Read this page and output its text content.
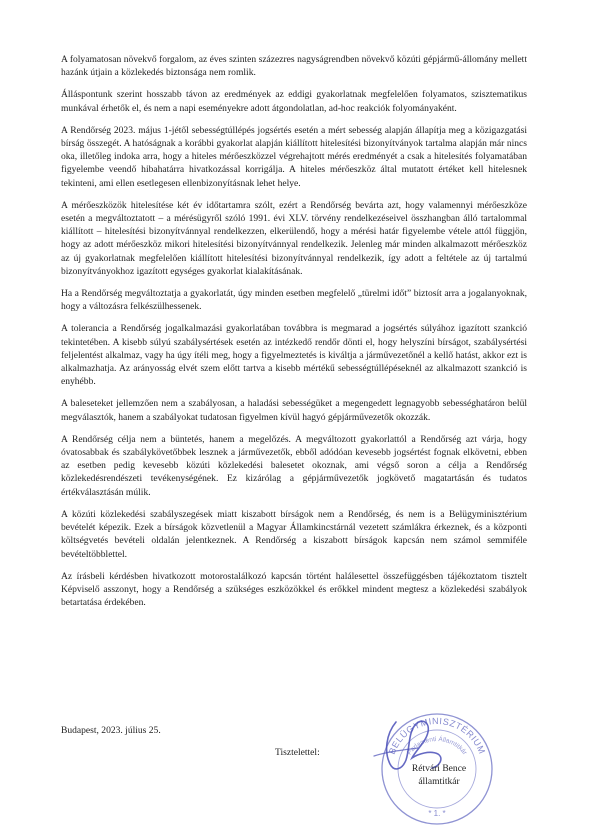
A folyamatosan növekvő forgalom, az éves szinten százezres nagyságrendben növekvő közúti gépjármű-állomány mellett hazánk útjain a közlekedés biztonsága nem romlik.

Álláspontunk szerint hosszabb távon az eredmények az eddigi gyakorlatnak megfelelően folyamatos, szisztematikus munkával érhetők el, és nem a napi eseményekre adott átgondolatlan, ad-hoc reakciók folyományaként.

A Rendőrség 2023. május 1-jétől sebességtúllépés jogsértés esetén a mért sebesség alapján állapítja meg a közigazgatási bírság összegét. A hatóságnak a korábbi gyakorlat alapján kiállított hitelesítési bizonyítványok tartalma alapján már nincs oka, illetőleg indoka arra, hogy a hiteles mérőeszközzel végrehajtott mérés eredményét a csak a hitelesítés folyamatában figyelembe veendő hibahatárra hivatkozással korrigálja. A hiteles mérőeszköz által mutatott értéket kell hitelesnek tekinteni, ami ellen esetlegesen ellenbizonyításnak lehet helye.

A mérőeszközök hitelesítése két év időtartamra szólt, ezért a Rendőrség bevárta azt, hogy valamennyi mérőeszköze esetén a megváltoztatott – a mérésügyről szóló 1991. évi XLV. törvény rendelkezéseivel összhangban álló tartalommal kiállított – hitelesítési bizonyítvánnyal rendelkezzen, elkerülendő, hogy a mérési határ figyelembe vétele attól függjön, hogy az adott mérőeszköz mikori hitelesítési bizonyítvánnyal rendelkezik. Jelenleg már minden alkalmazott mérőeszköz az új gyakorlatnak megfelelően kiállított hitelesítési bizonyítvánnyal rendelkezik, így adott a feltétele az új tartalmú bizonyítványokhoz igazított egységes gyakorlat kialakításának.

Ha a Rendőrség megváltoztatja a gyakorlatát, úgy minden esetben megfelelő „türelmi időt” biztosít arra a jogalanyoknak, hogy a változásra felkészülhessenek.

A tolerancia a Rendőrség jogalkalmazási gyakorlatában továbbra is megmarad a jogsértés súlyához igazított szankció tekintetében. A kisebb súlyú szabálysértések esetén az intézkedő rendőr dönti el, hogy helyszíni bírságot, szabálysértési feljelentést alkalmaz, vagy ha úgy ítéli meg, hogy a figyelmeztetés is kiváltja a járművezetőnél a kellő hatást, akkor ezt is alkalmazhatja. Az arányosság elvét szem előtt tartva a kisebb mértékű sebességtúllépéseknél az alkalmazott szankció is enyhébb.

A baleseteket jellemzően nem a szabályosan, a haladási sebességüket a megengedett legnagyobb sebességhatáron belül megválasztók, hanem a szabályokat tudatosan figyelmen kívül hagyó gépjárművezetők okozzák.

A Rendőrség célja nem a büntetés, hanem a megelőzés. A megváltozott gyakorlattól a Rendőrség azt várja, hogy óvatosabbak és szabálykövetőbbek lesznek a járművezetők, ebből adódóan kevesebb jogsértést fognak elkövetni, ebben az esetben pedig kevesebb közúti közlekedési balesetet okoznak, ami végső soron a célja a Rendőrség közlekedésrendészeti tevékenységének. Ez kizárólag a gépjárművezetők jogkövető magatartásán és tudatos értékválasztásán múlik.

A közúti közlekedési szabályszegések miatt kiszabott bírságok nem a Rendőrség, és nem is a Belügyminisztérium bevételét képezik. Ezek a bírságok közvetlenül a Magyar Államkincstárnál vezetett számlákra érkeznek, és a központi költségvetés bevételi oldalán jelentkeznek. A Rendőrség a kiszabott bírságok kapcsán nem számol semmiféle bevételtöbblettel.

Az írásbeli kérdésben hivatkozott motorostalálkozó kapcsán történt halálesettel összefüggésben tájékoztatom tisztelt Képviselő asszonyt, hogy a Rendőrség a szükséges eszközökkel és erőkkel mindent megtesz a közlekedési szabályok betartatása érdekében.

Budapest, 2023. július 25.
Tisztelettel:	BELÜGYMINISZTÉRIUM
Parlamenti Államtitkár
* 1. *
Rétvári Bence
államtitkár
